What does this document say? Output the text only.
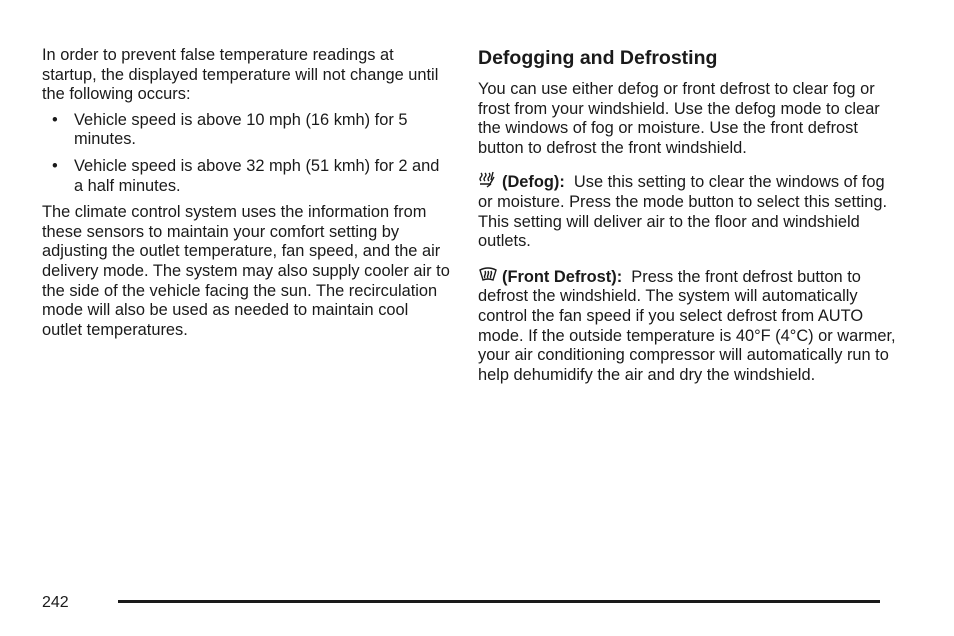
In order to prevent false temperature readings at startup, the displayed temperature will not change until the following occurs:

• Vehicle speed is above 10 mph (16 kmh) for 5 minutes.
• Vehicle speed is above 32 mph (51 kmh) for 2 and a half minutes.

The climate control system uses the information from these sensors to maintain your comfort setting by adjusting the outlet temperature, fan speed, and the air delivery mode. The system may also supply cooler air to the side of the vehicle facing the sun. The recirculation mode will also be used as needed to maintain cool outlet temperatures.

Defogging and Defrosting

You can use either defog or front defrost to clear fog or frost from your windshield. Use the defog mode to clear the windows of fog or moisture. Use the front defrost button to defrost the front windshield.

(Defog): Use this setting to clear the windows of fog or moisture. Press the mode button to select this setting. This setting will deliver air to the floor and windshield outlets.

(Front Defrost): Press the front defrost button to defrost the windshield. The system will automatically control the fan speed if you select defrost from AUTO mode. If the outside temperature is 40°F (4°C) or warmer, your air conditioning compressor will automatically run to help dehumidify the air and dry the windshield.

242
